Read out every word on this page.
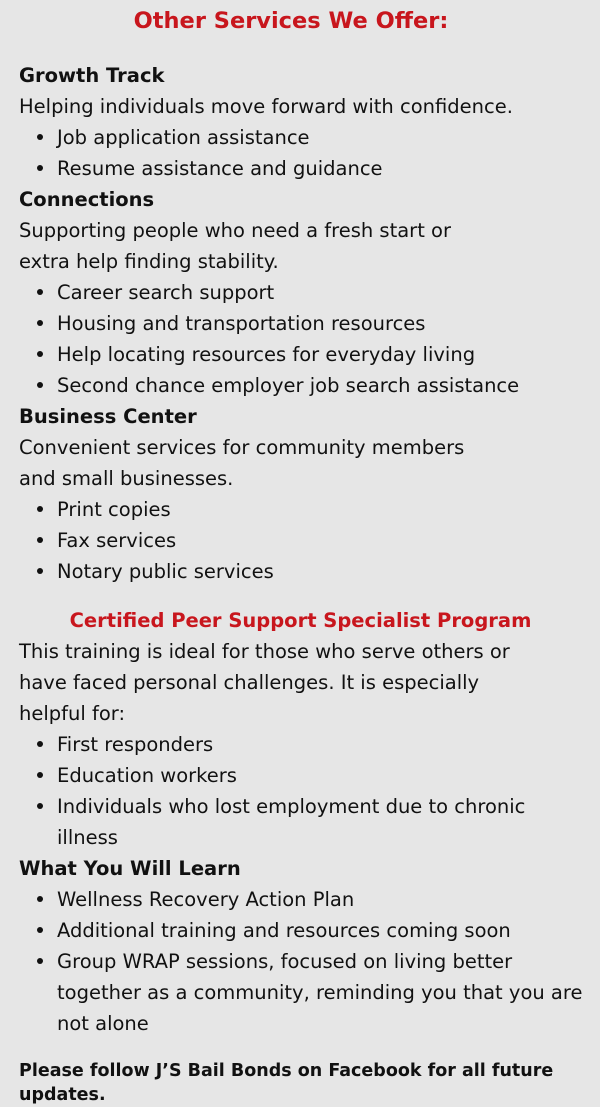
Other Services We Offer:
Growth Track

Helping individuals move forward with confidence.

Job application assistance
Resume assistance and guidance
Connections

Supporting people who need a fresh start or extra help finding stability.

Career search support
Housing and transportation resources
Help locating resources for everyday living
Second chance employer job search assistance
Business Center

Convenient services for community members and small businesses.

Print copies
Fax services
Notary public services
Certified Peer Support Specialist Program

This training is ideal for those who serve others or have faced personal challenges. It is especially helpful for:

First responders
Education workers
Individuals who lost employment due to chronic illness
What You Will Learn
Wellness Recovery Action Plan
Additional training and resources coming soon
Group WRAP sessions, focused on living better together as a community, reminding you that you are not alone

Please follow J’S Bail Bonds on Facebook for all future updates.
